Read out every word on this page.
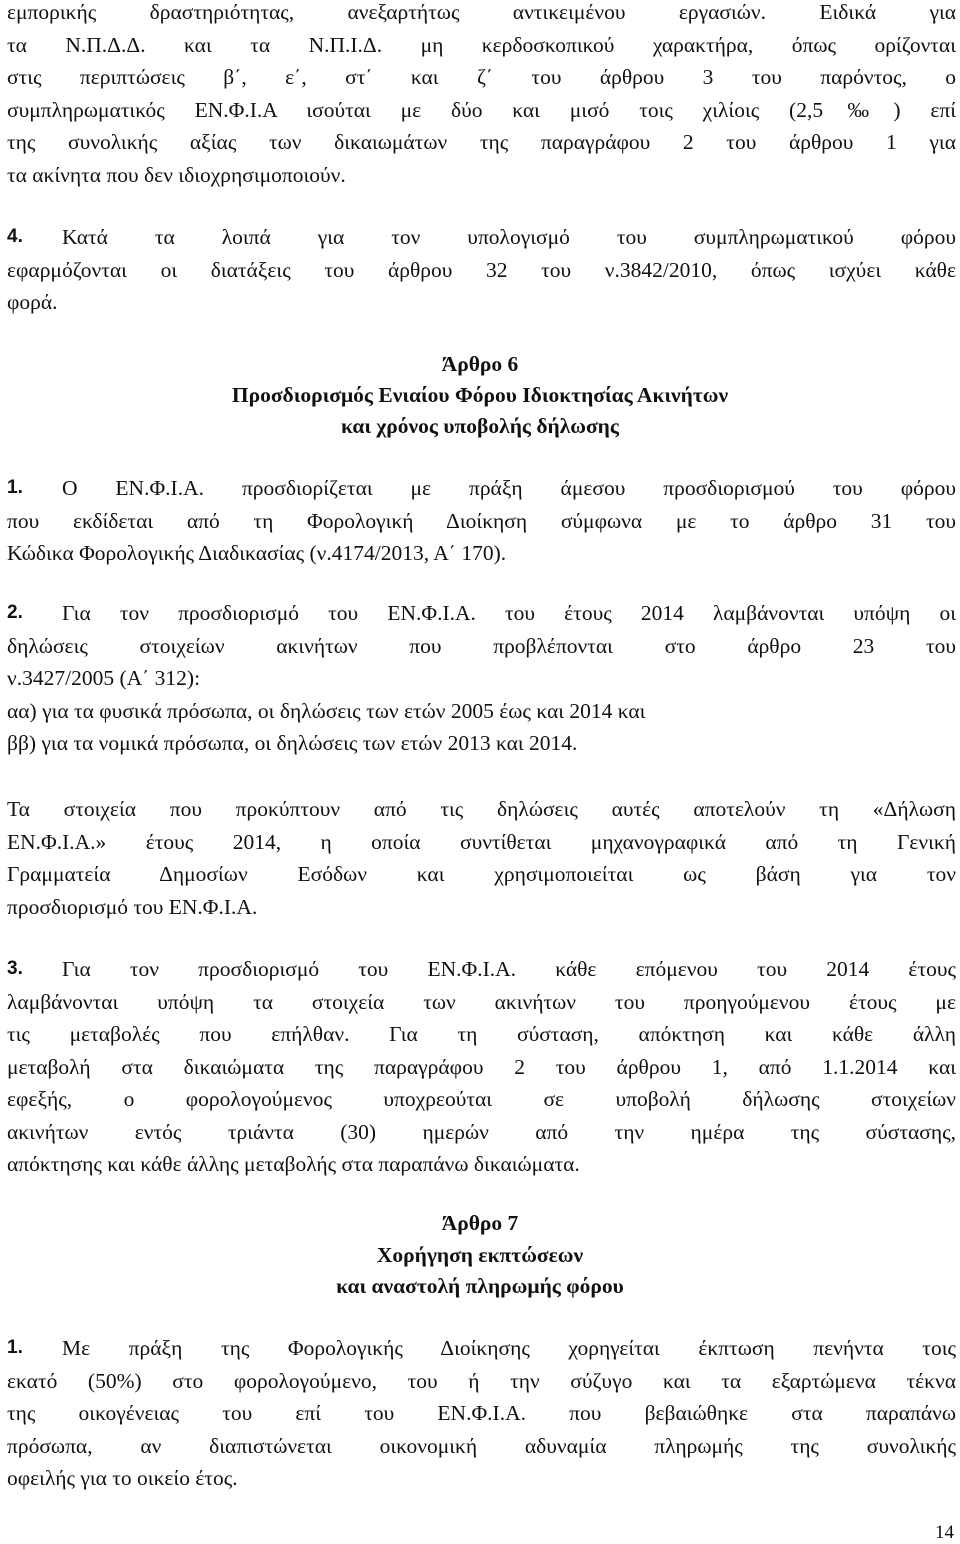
εμπορικής δραστηριότητας, ανεξαρτήτως αντικειμένου εργασιών. Ειδικά για
τα Ν.Π.Δ.Δ. και τα Ν.Π.Ι.Δ. μη κερδοσκοπικού χαρακτήρα, όπως ορίζονται
στις περιπτώσεις β΄, ε΄, στ΄ και ζ΄ του άρθρου 3 του παρόντος, ο
συμπληρωματικός ΕΝ.Φ.Ι.Α ισούται με δύο και μισό τοις χιλίοις (2,5‰) επί
της συνολικής αξίας των δικαιωμάτων της παραγράφου 2 του άρθρου 1 για
τα ακίνητα που δεν ιδιοχρησιμοποιούν.
4. Κατά τα λοιπά για τον υπολογισμό του συμπληρωματικού φόρου
εφαρμόζονται οι διατάξεις του άρθρου 32 του ν.3842/2010, όπως ισχύει κάθε
φορά.

Άρθρο 6

Προσδιορισμός Ενιαίου Φόρου Ιδιοκτησίας Ακινήτων

και χρόνος υποβολής δήλωσης

1. Ο ΕΝ.Φ.Ι.Α. προσδιορίζεται με πράξη άμεσου προσδιορισμού του φόρου
που εκδίδεται από τη Φορολογική Διοίκηση σύμφωνα με το άρθρο 31 του
Κώδικα Φορολογικής Διαδικασίας (ν.4174/2013, Α΄ 170).
2. Για τον προσδιορισμό του ΕΝ.Φ.Ι.Α. του έτους 2014 λαμβάνονται υπόψη οι
δηλώσεις στοιχείων ακινήτων που προβλέπονται στο άρθρο 23 του
ν.3427/2005 (Α΄ 312):
αα) για τα φυσικά πρόσωπα, οι δηλώσεις των ετών 2005 έως και 2014 και
ββ) για τα νομικά πρόσωπα, οι δηλώσεις των ετών 2013 και 2014.
Τα στοιχεία που προκύπτουν από τις δηλώσεις αυτές αποτελούν τη «Δήλωση
ΕΝ.Φ.Ι.Α.» έτους 2014, η οποία συντίθεται μηχανογραφικά από τη Γενική
Γραμματεία Δημοσίων Εσόδων και χρησιμοποιείται ως βάση για τον
προσδιορισμό του ΕΝ.Φ.Ι.Α.
3. Για τον προσδιορισμό του ΕΝ.Φ.Ι.Α. κάθε επόμενου του 2014 έτους
λαμβάνονται υπόψη τα στοιχεία των ακινήτων του προηγούμενου έτους με
τις μεταβολές που επήλθαν. Για τη σύσταση, απόκτηση και κάθε άλλη
μεταβολή στα δικαιώματα της παραγράφου 2 του άρθρου 1, από 1.1.2014 και
εφεξής, ο φορολογούμενος υποχρεούται σε υποβολή δήλωσης στοιχείων
ακινήτων εντός τριάντα (30) ημερών από την ημέρα της σύστασης,
απόκτησης και κάθε άλλης μεταβολής στα παραπάνω δικαιώματα.

Άρθρο 7

Χορήγηση εκπτώσεων

και αναστολή πληρωμής φόρου

1. Με πράξη της Φορολογικής Διοίκησης χορηγείται έκπτωση πενήντα τοις
εκατό (50%) στο φορολογούμενο, του ή την σύζυγο και τα εξαρτώμενα τέκνα
της οικογένειας του επί του ΕΝ.Φ.Ι.Α. που βεβαιώθηκε στα παραπάνω
πρόσωπα, αν διαπιστώνεται οικονομική αδυναμία πληρωμής της συνολικής
οφειλής για το οικείο έτος.
14
